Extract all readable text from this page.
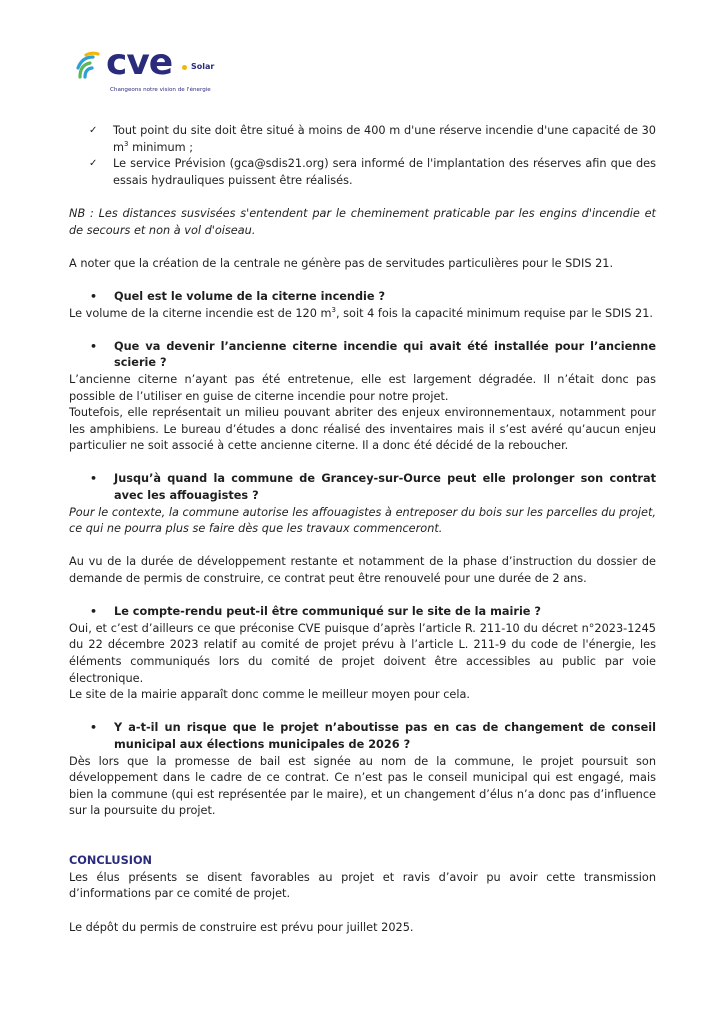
cve Solar
Changeons notre vision de l'énergie

✓ Tout point du site doit être situé à moins de 400 m d'une réserve incendie d'une capacité de 30 $m^3$ minimum ;

✓ Le service Prévision (gca@sdis21.org) sera informé de l'implantation des réserves afin que des essais hydrauliques puissent être réalisés.

NB : Les distances susvisées s'entendent par le cheminement praticable par les engins d'incendie et de secours et non à vol d'oiseau.

A noter que la création de la centrale ne génère pas de servitudes particulières pour le SDIS 21.

• Quel est le volume de la citerne incendie ?

Le volume de la citerne incendie est de 120 $m^3$, soit 4 fois la capacité minimum requise par le SDIS 21.

• Que va devenir l’ancienne citerne incendie qui avait été installée pour l’ancienne scierie ?

L’ancienne citerne n’ayant pas été entretenue, elle est largement dégradée. Il n’était donc pas possible de l’utiliser en guise de citerne incendie pour notre projet.

Toutefois, elle représentait un milieu pouvant abriter des enjeux environnementaux, notamment pour les amphibiens. Le bureau d’études a donc réalisé des inventaires mais il s’est avéré qu’aucun enjeu particulier ne soit associé à cette ancienne citerne. Il a donc été décidé de la reboucher.

• Jusqu’à quand la commune de Grancey-sur-Ource peut elle prolonger son contrat avec les affouagistes ?

Pour le contexte, la commune autorise les affouagistes à entreposer du bois sur les parcelles du projet, ce qui ne pourra plus se faire dès que les travaux commenceront.

Au vu de la durée de développement restante et notamment de la phase d’instruction du dossier de demande de permis de construire, ce contrat peut être renouvelé pour une durée de 2 ans.

• Le compte-rendu peut-il être communiqué sur le site de la mairie ?

Oui, et c’est d’ailleurs ce que préconise CVE puisque d’après l’article R. 211-10 du décret n°2023-1245 du 22 décembre 2023 relatif au comité de projet prévu à l’article L. 211-9 du code de l'énergie, les éléments communiqués lors du comité de projet doivent être accessibles au public par voie électronique.

Le site de la mairie apparaît donc comme le meilleur moyen pour cela.

• Y a-t-il un risque que le projet n’aboutisse pas en cas de changement de conseil municipal aux élections municipales de 2026 ?

Dès lors que la promesse de bail est signée au nom de la commune, le projet poursuit son développement dans le cadre de ce contrat. Ce n’est pas le conseil municipal qui est engagé, mais bien la commune (qui est représentée par le maire), et un changement d’élus n’a donc pas d’influence sur la poursuite du projet.

CONCLUSION

Les élus présents se disent favorables au projet et ravis d’avoir pu avoir cette transmission d’informations par ce comité de projet.

Le dépôt du permis de construire est prévu pour juillet 2025.
